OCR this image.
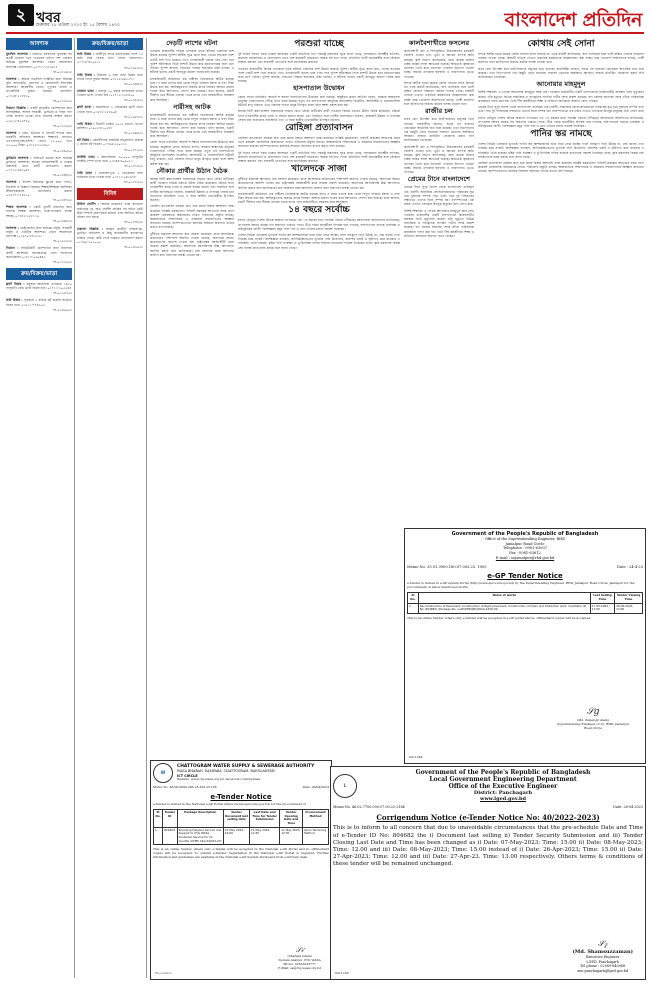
২ খবর
শুক্রবার ২৮ এপ্রিল ২০২৩ ইং ১৫ বৈশাখ ১৪৩০	বাংলাদেশ প্রতিদিন
আবশ্যক
মুহাম্মিন আবশ্যক : ঢাকাতে বসবাসের সুব্যবস্থা সহ কওমী মাদ্রাসা হতে দাওরায়ে হাদিস পাশ একজন অভিজ্ঞ মুহাম্মিন আবশ্যক। বেতন আলোচনা সাপেক্ষে। যোগাযোগ: ০১৭১১-৩৩৩৬২৭
ফা-০১৩১৬/২৩
আবশ্যক : আমার গার্মেন্টস ফ্যাক্টরির জন্য অভিজ্ঞ সুইং অপারেটর, হেলপার ও কোয়ালিটি ইন্সপেক্টর আবশ্যক। আকর্ষণীয় বেতন, দুপুরের খাবার ও ওভারটাইম সুবিধা রয়েছে। মোবাইল: ০১৭৩৪-৫১৮৮২০
ফা-০১৩২৫/২৩
নিয়োগ বিজ্ঞপ্তি : একটি প্রতিষ্ঠিত কোম্পানির জন্য হিসাবরক্ষক, অফিস সহকারী, ড্রাইভার ও পিয়ন পদে লোক নিয়োগ দেওয়া হবে। সরাসরি সাক্ষাৎ করুন। ০১৯১২-৪৫৬৭৮০
ফা-০১৩৩৫/২৩
আবশ্যক : ঢাকা, চট্টগ্রাম ও সিলেট শাখার জন্য মার্কেটিং অফিসার আবশ্যক। শিক্ষাগত যোগ্যতা এসএসসি/এইচএসসি। বেতন ১৫,০০০ হতে ২৫,০০০ টাকা। ০১৮১৯-২২২৪০১
ফা-০১৩৪০/২৩
ড্রাইভার আবশ্যক : প্রাইভেট কারের জন্য অভিজ্ঞ ড্রাইভার আবশ্যক। হালকা লাইসেন্সধারী ও ঢাকার রাস্তাঘাট চেনা প্রার্থী যোগাযোগ করুন। ০১৭১৫-৬৬৩০৮৮
ফা-০১৩৪৪/২৩
আবশ্যক : ইংলিশ মিডিয়াম স্কুলের জন্য গণিত, ইংরেজি ও বিজ্ঞান বিষয়ের শিক্ষক/শিক্ষিকা আবশ্যক। জীবনবৃত্তান্তসহ যোগাযোগ করুন। ০১৬৭৭-৩১৪২৫০
ফা-০১৩৪৭/২৩
শিক্ষক আবশ্যক : একটি নূরানী মাদ্রাসার জন্য হাফেজ শিক্ষক আবশ্যক। থাকা-খাওয়ার ব্যবস্থা আছে। ০১৭৪২-৫৫৮১১৯
ফা-০১৩৪৯/২৩
আবশ্যক : রেস্টুরেন্টের জন্য অভিজ্ঞ বাবুর্চি, সহকারী বাবুর্চি ও ওয়েটার আবশ্যক। বেতন আলোচনা সাপেক্ষে। ০১৯৭০-৮৮৩৩২১
ফা-০১৩৫২/২৩
নিয়োগ : সিকিউরিটি কোম্পানির জন্য নিরাপত্তা প্রহরী আবশ্যক। অবসরপ্রাপ্ত সেনা সদস্যদের অগ্রাধিকার। ০১৮১৭-০৯৯৪৪২
ফা-০১৩৫৫/২৩
ক্রয়/বিক্রয়/ভাড়া
ফ্ল্যাট বিক্রয় : বসুন্ধরা আবাসিক এলাকায় ১৪৫০ বর্গফুটের রেডি ফ্ল্যাট বিক্রয় হবে। ০১৭১১-২০৫৫৪৪
ফা-০১৩৫৮/২৩
জমি বিক্রয় : পূর্বাচলে ৫ কাঠার প্লট জরুরি ভিত্তিতে বিক্রয় হবে। ০১৯১১-৭৭৪২০৩
ফা-০১৩৬০/২৩
ক্রয়/বিক্রয়/ভাড়া
জমি বিক্রয় : গাজীপুর সদরে মহাসড়কের পাশে ১২ কাঠা জমি বিক্রয় হবে। দলিল হালনাগাদ। ০১৭১৮-৪৩০২১৫
ফা-০১৩৬২/২৩
বাড়ি বিক্রয় : উত্তরায় ৬ তলা বাড়ি বিক্রয় হবে। ব্যাংক লোন সুবিধা আছে। ০১৮১৯-৬৬৫৫৭১
ফা-০১৩৬৪/২৩
দোকান ভাড়া : মিরপুর ১০ নম্বরে বাণিজ্যিক ভবনে দোকান ভাড়া দেওয়া হবে। ০১৭১২-৩৩৮৪৫০
ফা-০১৩৬৫/২৩
ফ্ল্যাট ভাড়া : ধানমন্ডিতে ৩ বেডরুমের ফ্ল্যাট ভাড়া দেওয়া হবে। ০১৬৭৩-২২৮৯০৪
ফা-০১৩৬৭/২৩
গাড়ি বিক্রয় : টয়োটা এক্সিও ২০১৬ মডেল, ভালো কন্ডিশন। ০১৯৫৫-৪১০২৮৮
ফা-০১৩৬৯/২৩
প্লট বিক্রয় : কেরানীগঞ্জে রাজউক অনুমোদিত প্রকল্পে ৩ কাঠার প্লট বিক্রয়। ০১৭৬৬-৫৫০৩১২
ফা-০১৩৭১/২৩
ফ্যাক্টরি ভাড়া : আশুলিয়ায় ২০,০০০ বর্গফুটের ফ্যাক্টরি স্পেস ভাড়া হবে। ০১৮৪৪-৯০৯০১১
ফা-০১৩৭৩/২৩
বাড়ি ভাড়া : মোহাম্মদপুরে ২ বেডরুমের বাসা ব্যাচেলর ভাড়া দেওয়া হবে। ০১৭১৩-০৪৫৬৭৮
ফা-০১৩৭৫/২৩
বিবিধ
উকিল নোটিশ : আমার মক্কেলের পক্ষে জানানো যাইতেছে যে, অত্র নোটিশ প্রাপ্তির পর হইতে কেউ উক্ত সম্পত্তি ক্রয়-বিক্রয় করিলে তাহা আইনত অবৈধ বলিয়া গণ্য হইবে।
ফা-০১৩৭৮/২৩
হারানো বিজ্ঞপ্তি : আমার জাতীয় পরিচয়পত্র, ড্রাইভিং লাইসেন্স ও কিছু প্রয়োজনীয় কাগজপত্র হারিয়ে গেছে। কেউ পেয়ে থাকলে যোগাযোগ করুন। ০১৭৯৯-১০১০২০
ফা-০১৩৮০/২৩
দেড়টি লাশের ঘটনা

গতকাল রাজধানীর বিভিন্ন এলাকায় পৃথক ঘটনায় একাধিক লাশ উদ্ধার করেছে পুলিশ। স্থানীয় সূত্রে জানা যায়, ভোরে সড়কের পাশে একটি লাশ পড়ে থাকতে দেখে এলাকাবাসী থানায় খবর দেয়। পরে পুলিশ ঘটনাস্থলে গিয়ে লাশটি উদ্ধার করে ময়নাতদন্তের জন্য মর্গে পাঠায়। পুলিশ জানায়, নিহতের পরিচয় শনাক্তের চেষ্টা চলছে। এ ঘটনায় থানায় একটি অপমৃত্যু মামলা দায়ের করা হয়েছে।

মাদকবিরোধী অভিযানে এক নারীসহ তিনজনকে আটক করেছে র‍্যাব। এ সময় তাদের কাছ থেকে বিপুল পরিমাণ ইয়াবা ও নগদ টাকা উদ্ধার করা হয়। আটককৃতদের বিরুদ্ধে মাদক নিয়ন্ত্রণ আইনে মামলা দায়ের করে আদালতে সোপর্দ করা হয়েছে। র‍্যাব জানায়, চক্রটি দীর্ঘদিন ধরে সীমান্ত এলাকা থেকে মাদক এনে রাজধানীতে সরবরাহ করে আসছিল।

নারীসহ আটক

মাদকবিরোধী অভিযানে এক নারীসহ তিনজনকে আটক করেছে র‍্যাব। এ সময় তাদের কাছ থেকে বিপুল পরিমাণ ইয়াবা ও নগদ টাকা উদ্ধার করা হয়। আটককৃতদের বিরুদ্ধে মাদক নিয়ন্ত্রণ আইনে মামলা দায়ের করে আদালতে সোপর্দ করা হয়েছে। র‍্যাব জানায়, চক্রটি দীর্ঘদিন ধরে সীমান্ত এলাকা থেকে মাদক এনে রাজধানীতে সরবরাহ করে আসছিল।

জেলা সদরে নবনির্মিত আড়াই শ শয্যার হাসপাতালের উদ্বোধন করা হয়েছে। অনুষ্ঠানে প্রধান অতিথি বলেন, সরকার স্বাস্থ্যসেবা মানুষের দোরগোড়ায় পৌঁছে দিতে কাজ করছে। নতুন এই হাসপাতালে আধুনিক অপারেশন থিয়েটার, আইসিইউ ও ডায়ালাইসিস ইউনিট চালু থাকবে। এতে জেলার লাখো মানুষ উপকৃত হবেন বলে আশা প্রকাশ করা হয়।

নৌকার প্রার্থীর উঠান বৈঠক

আসন্ন সিটি করপোরেশন নির্বাচনকে সামনে রেখে নৌকা প্রতীকের প্রার্থী গতকাল বিভিন্ন ওয়ার্ডে উঠান বৈঠক করেছেন। বৈঠকে তিনি নগরবাসীর কাছে দোয়া ও সমর্থন কামনা করেন এবং নির্বাচিত হলে নগরীর জলাবদ্ধতা নিরসন, রাস্তাঘাট উন্নয়ন ও নাগরিক সেবার মান বাড়ানোর প্রতিশ্রুতি দেন। এ সময় স্থানীয় নেতাকর্মীরা উপস্থিত ছিলেন।

রোহিঙ্গা প্রত্যাবাসন প্রক্রিয়া দ্রুত শুরু করার বিষয়ে আশাবাদ ব্যক্ত করেছেন সংশ্লিষ্ট কর্মকর্তারা। পাইলট প্রকল্পের আওতায় প্রথম ধাপে কয়েকশ রোহিঙ্গাকে মিয়ানমারে ফেরত পাঠানোর প্রস্তুতি চলছে। আন্তর্জাতিক সম্প্রদায়কে এ প্রক্রিয়ায় সহযোগিতার আহ্বান জানানো হয়েছে। ক্যাম্পগুলোতে মানবিক সহায়তা অব্যাহত রাখার কথাও বলা হয়েছে।

দুর্নীতির মামলায় আদালত রায় ঘোষণা করেছেন। রায়ে আসামিকে কারাদণ্ডের পাশাপাশি অর্থদণ্ড দেওয়া হয়েছে, অনাদায়ে আরও কারাভোগের আদেশ দেওয়া হয়। রাষ্ট্রপক্ষের আইনজীবী রায়ে সন্তোষ প্রকাশ করেছেন, অন্যদিকে আসামিপক্ষ উচ্চ আদালতে আপিল করবে বলে জানিয়েছে। রায় ঘোষণার সময় আদালত প্রাঙ্গণে কড়া নিরাপত্তা ব্যবস্থা নেওয়া হয়।

পরশুরা যাচ্ছে

দুই দিনের সফরে পরশু ঢাকায় আসছেন একটি প্রতিনিধি দল। পররাষ্ট্র মন্ত্রণালয় সূত্রে জানা গেছে, সফরকালে দ্বিপক্ষীয় বাণিজ্য, জ্বালানি সহযোগিতা ও যোগাযোগ খাতে বেশ কয়েকটি সমঝোতা স্মারক সই হতে পারে। প্রতিনিধি দলটি প্রধানমন্ত্রীর সঙ্গে সৌজন্য সাক্ষাৎ করবেন এবং ব্যবসায়ী নেতাদের সঙ্গে মতবিনিময় করবেন।

গতকাল রাজধানীর বিভিন্ন এলাকায় পৃথক ঘটনায় একাধিক লাশ উদ্ধার করেছে পুলিশ। স্থানীয় সূত্রে জানা যায়, ভোরে সড়কের পাশে একটি লাশ পড়ে থাকতে দেখে এলাকাবাসী থানায় খবর দেয়। পরে পুলিশ ঘটনাস্থলে গিয়ে লাশটি উদ্ধার করে ময়নাতদন্তের জন্য মর্গে পাঠায়। পুলিশ জানায়, নিহতের পরিচয় শনাক্তের চেষ্টা চলছে। এ ঘটনায় থানায় একটি অপমৃত্যু মামলা দায়ের করা হয়েছে।

হাসপাতাল উদ্বোধন

জেলা সদরে নবনির্মিত আড়াই শ শয্যার হাসপাতালের উদ্বোধন করা হয়েছে। অনুষ্ঠানে প্রধান অতিথি বলেন, সরকার স্বাস্থ্যসেবা মানুষের দোরগোড়ায় পৌঁছে দিতে কাজ করছে। নতুন এই হাসপাতালে আধুনিক অপারেশন থিয়েটার, আইসিইউ ও ডায়ালাইসিস ইউনিট চালু থাকবে। এতে জেলার লাখো মানুষ উপকৃত হবেন বলে আশা প্রকাশ করা হয়।

আসন্ন সিটি করপোরেশন নির্বাচনকে সামনে রেখে নৌকা প্রতীকের প্রার্থী গতকাল বিভিন্ন ওয়ার্ডে উঠান বৈঠক করেছেন। বৈঠকে তিনি নগরবাসীর কাছে দোয়া ও সমর্থন কামনা করেন এবং নির্বাচিত হলে নগরীর জলাবদ্ধতা নিরসন, রাস্তাঘাট উন্নয়ন ও নাগরিক সেবার মান বাড়ানোর প্রতিশ্রুতি দেন। এ সময় স্থানীয় নেতাকর্মীরা উপস্থিত ছিলেন।

রোহিঙ্গা প্রত্যাবাসন

রোহিঙ্গা প্রত্যাবাসন প্রক্রিয়া দ্রুত শুরু করার বিষয়ে আশাবাদ ব্যক্ত করেছেন সংশ্লিষ্ট কর্মকর্তারা। পাইলট প্রকল্পের আওতায় প্রথম ধাপে কয়েকশ রোহিঙ্গাকে মিয়ানমারে ফেরত পাঠানোর প্রস্তুতি চলছে। আন্তর্জাতিক সম্প্রদায়কে এ প্রক্রিয়ায় সহযোগিতার আহ্বান জানানো হয়েছে। ক্যাম্পগুলোতে মানবিক সহায়তা অব্যাহত রাখার কথাও বলা হয়েছে।

দুই দিনের সফরে পরশু ঢাকায় আসছেন একটি প্রতিনিধি দল। পররাষ্ট্র মন্ত্রণালয় সূত্রে জানা গেছে, সফরকালে দ্বিপক্ষীয় বাণিজ্য, জ্বালানি সহযোগিতা ও যোগাযোগ খাতে বেশ কয়েকটি সমঝোতা স্মারক সই হতে পারে। প্রতিনিধি দলটি প্রধানমন্ত্রীর সঙ্গে সৌজন্য সাক্ষাৎ করবেন এবং ব্যবসায়ী নেতাদের সঙ্গে মতবিনিময় করবেন।

খালেদকে সাজা

দুর্নীতির মামলায় আদালত রায় ঘোষণা করেছেন। রায়ে আসামিকে কারাদণ্ডের পাশাপাশি অর্থদণ্ড দেওয়া হয়েছে, অনাদায়ে আরও কারাভোগের আদেশ দেওয়া হয়। রাষ্ট্রপক্ষের আইনজীবী রায়ে সন্তোষ প্রকাশ করেছেন, অন্যদিকে আসামিপক্ষ উচ্চ আদালতে আপিল করবে বলে জানিয়েছে। রায় ঘোষণার সময় আদালত প্রাঙ্গণে কড়া নিরাপত্তা ব্যবস্থা নেওয়া হয়।

মাদকবিরোধী অভিযানে এক নারীসহ তিনজনকে আটক করেছে র‍্যাব। এ সময় তাদের কাছ থেকে বিপুল পরিমাণ ইয়াবা ও নগদ টাকা উদ্ধার করা হয়। আটককৃতদের বিরুদ্ধে মাদক নিয়ন্ত্রণ আইনে মামলা দায়ের করে আদালতে সোপর্দ করা হয়েছে। র‍্যাব জানায়, চক্রটি দীর্ঘদিন ধরে সীমান্ত এলাকা থেকে মাদক এনে রাজধানীতে সরবরাহ করে আসছিল।

১৪ বছরে সর্বোচ্চ

চলতি মৌসুমে দেশের বিভিন্ন অঞ্চলে তাপমাত্রা গত ১৪ বছরের মধ্যে সর্বোচ্চ পর্যায়ে পৌঁছেছে। আবহাওয়া অধিদফতর জানিয়েছে, তাপপ্রবাহ আরও কয়েক দিন অব্যাহত থাকতে পারে। তীব্র গরমে জনজীবন বিপর্যস্ত হয়ে পড়েছে, হাসপাতালে বাড়ছে ডায়রিয়া ও হিটস্ট্রোকের রোগী। বিশেষজ্ঞরা প্রচুর পানি পান ও রোদ এড়িয়ে চলার পরামর্শ দিয়েছেন।

দেশের বিভিন্ন এলাকায় ভূগর্ভস্থ পানির স্তর আশঙ্কাজনক হারে নিচে নেমে যাচ্ছে। ফলে নলকূপে পানি উঠছে না, সেচ কাজে দেখা দিয়েছে চরম সংকট। বিশেষজ্ঞরা বলছেন, অপরিকল্পিতভাবে ভূগর্ভস্থ পানি উত্তোলন, জলাশয় ভরাট ও বৃষ্টিপাত কমে যাওয়ায় এ পরিস্থিতি তৈরি হয়েছে। বৃষ্টির পানি সংরক্ষণ ও ভূ-উপরিস্থ পানির ব্যবহার বাড়ানোর পরামর্শ দিয়েছেন তারা। কৃষি মন্ত্রণালয় বিকল্প সেচ ব্যবস্থা নিয়ে কাজ করছে বলে জানা গেছে।

কালবৈশাখীতে ফসলের

কালবৈশাখী ঝড় ও শিলাবৃষ্টিতে উত্তরাঞ্চলের কয়েকটি জেলায় বোরো ধান, ভুট্টা ও আমের ব্যাপক ক্ষতি হয়েছে। কৃষি বিভাগ জানিয়েছে, ঝড়ে কয়েক হাজার হেক্টর জমির ফসল ক্ষতিগ্রস্ত হয়েছে। ক্ষতিগ্রস্ত কৃষকদের তালিকা তৈরি করে প্রণোদনা দেওয়ার উদ্যোগ নেওয়া হচ্ছে। অনেক এলাকায় ঘরবাড়ি ও গাছপালাও ভেঙে পড়েছে।

বন্দরে আটক হওয়া কয়েক কেজি সোনার হদিস মিলছে না। তদন্ত কমিটি জানিয়েছে, জব্দ তালিকার সঙ্গে ভল্টে রক্ষিত সোনার পরিমাণে গরমিল পাওয়া গেছে। বিষয়টি খতিয়ে দেখতে একাধিক কর্মকর্তাকে জিজ্ঞাসাবাদ করা হচ্ছে। শুল্ক গোয়েন্দা অধিদফতর বলছে, দোষী প্রমাণিত হলে জড়িতদের বিরুদ্ধে কঠোর ব্যবস্থা নেওয়া হবে।

রাজীর চল

প্রখর রোদ উপেক্ষা করে হাটে-বাজারে মানুষের ভিড় বাড়ছে। ব্যবসায়ীরা জানান, ঈদের পর বাজারে বেচাকেনা স্বাভাবিক হতে শুরু করেছে। তবে নিত্যপণ্যের দাম কিছুটা বেড়ে যাওয়ায় সাধারণ ক্রেতারা অস্বস্তিতে আছেন। বাজার মনিটরিং জোরদার করার দাবি জানিয়েছেন ভোক্তারা।

কালবৈশাখী ঝড় ও শিলাবৃষ্টিতে উত্তরাঞ্চলের কয়েকটি জেলায় বোরো ধান, ভুট্টা ও আমের ব্যাপক ক্ষতি হয়েছে। কৃষি বিভাগ জানিয়েছে, ঝড়ে কয়েক হাজার হেক্টর জমির ফসল ক্ষতিগ্রস্ত হয়েছে। ক্ষতিগ্রস্ত কৃষকদের তালিকা তৈরি করে প্রণোদনা দেওয়ার উদ্যোগ নেওয়া হচ্ছে। অনেক এলাকায় ঘরবাড়ি ও গাছপালাও ভেঙে পড়েছে।

প্রেমের টানে বাংলাদেশে

প্রেমের টানে সুদূর বিদেশ থেকে বাংলাদেশে এসেছেন এক তরুণী। সামাজিক যোগাযোগমাধ্যমে পরিচয়ের সূত্র ধরে দুজনের সম্পর্ক গড়ে ওঠে। পরে দুই পরিবারের সম্মতিতে তাদের বিয়ে সম্পন্ন হয়। নবদম্পতিকে এক নজর দেখতে এলাকায় উৎসুক মানুষের ভিড় লেগে যায়।

বিশিষ্ট শিক্ষাবিদ ও লেখক আনোয়ার মাহমুদুল আর নেই। গতকাল রাজধানীর একটি হাসপাতালে চিকিৎসাধীন অবস্থায় তিনি মৃত্যুবরণ করেন। তাঁর মৃত্যুতে বিভিন্ন সামাজিক ও সাংস্কৃতিক সংগঠন গভীর শোক প্রকাশ করেছে। বাদ জোহর জানাজা শেষে তাঁকে পারিবারিক কবরস্থানে দাফন করা হয়। তিনি দীর্ঘ কর্মজীবনে শিক্ষা ও সাহিত্যে অসামান্য অবদান রেখে গেছেন।

কোথায় সেই সোনা

বন্দরে আটক হওয়া কয়েক কেজি সোনার হদিস মিলছে না। তদন্ত কমিটি জানিয়েছে, জব্দ তালিকার সঙ্গে ভল্টে রক্ষিত সোনার পরিমাণে গরমিল পাওয়া গেছে। বিষয়টি খতিয়ে দেখতে একাধিক কর্মকর্তাকে জিজ্ঞাসাবাদ করা হচ্ছে। শুল্ক গোয়েন্দা অধিদফতর বলছে, দোষী প্রমাণিত হলে জড়িতদের বিরুদ্ধে কঠোর ব্যবস্থা নেওয়া হবে।

প্রখর রোদ উপেক্ষা করে হাটে-বাজারে মানুষের ভিড় বাড়ছে। ব্যবসায়ীরা জানান, ঈদের পর বাজারে বেচাকেনা স্বাভাবিক হতে শুরু করেছে। তবে নিত্যপণ্যের দাম কিছুটা বেড়ে যাওয়ায় সাধারণ ক্রেতারা অস্বস্তিতে আছেন। বাজার মনিটরিং জোরদার করার দাবি জানিয়েছেন ভোক্তারা।

আনোয়ার মাহমুদুল

বিশিষ্ট শিক্ষাবিদ ও লেখক আনোয়ার মাহমুদুল আর নেই। গতকাল রাজধানীর একটি হাসপাতালে চিকিৎসাধীন অবস্থায় তিনি মৃত্যুবরণ করেন। তাঁর মৃত্যুতে বিভিন্ন সামাজিক ও সাংস্কৃতিক সংগঠন গভীর শোক প্রকাশ করেছে। বাদ জোহর জানাজা শেষে তাঁকে পারিবারিক কবরস্থানে দাফন করা হয়। তিনি দীর্ঘ কর্মজীবনে শিক্ষা ও সাহিত্যে অসামান্য অবদান রেখে গেছেন।

প্রেমের টানে সুদূর বিদেশ থেকে বাংলাদেশে এসেছেন এক তরুণী। সামাজিক যোগাযোগমাধ্যমে পরিচয়ের সূত্র ধরে দুজনের সম্পর্ক গড়ে ওঠে। পরে দুই পরিবারের সম্মতিতে তাদের বিয়ে সম্পন্ন হয়। নবদম্পতিকে এক নজর দেখতে এলাকায় উৎসুক মানুষের ভিড় লেগে যায়।

চলতি মৌসুমে দেশের বিভিন্ন অঞ্চলে তাপমাত্রা গত ১৪ বছরের মধ্যে সর্বোচ্চ পর্যায়ে পৌঁছেছে। আবহাওয়া অধিদফতর জানিয়েছে, তাপপ্রবাহ আরও কয়েক দিন অব্যাহত থাকতে পারে। তীব্র গরমে জনজীবন বিপর্যস্ত হয়ে পড়েছে, হাসপাতালে বাড়ছে ডায়রিয়া ও হিটস্ট্রোকের রোগী। বিশেষজ্ঞরা প্রচুর পানি পান ও রোদ এড়িয়ে চলার পরামর্শ দিয়েছেন।

পানির স্তর নামছে

দেশের বিভিন্ন এলাকায় ভূগর্ভস্থ পানির স্তর আশঙ্কাজনক হারে নিচে নেমে যাচ্ছে। ফলে নলকূপে পানি উঠছে না, সেচ কাজে দেখা দিয়েছে চরম সংকট। বিশেষজ্ঞরা বলছেন, অপরিকল্পিতভাবে ভূগর্ভস্থ পানি উত্তোলন, জলাশয় ভরাট ও বৃষ্টিপাত কমে যাওয়ায় এ পরিস্থিতি তৈরি হয়েছে। বৃষ্টির পানি সংরক্ষণ ও ভূ-উপরিস্থ পানির ব্যবহার বাড়ানোর পরামর্শ দিয়েছেন তারা। কৃষি মন্ত্রণালয় বিকল্প সেচ ব্যবস্থা নিয়ে কাজ করছে বলে জানা গেছে।

রোহিঙ্গা প্রত্যাবাসন প্রক্রিয়া দ্রুত শুরু করার বিষয়ে আশাবাদ ব্যক্ত করেছেন সংশ্লিষ্ট কর্মকর্তারা। পাইলট প্রকল্পের আওতায় প্রথম ধাপে কয়েকশ রোহিঙ্গাকে মিয়ানমারে ফেরত পাঠানোর প্রস্তুতি চলছে। আন্তর্জাতিক সম্প্রদায়কে এ প্রক্রিয়ায় সহযোগিতার আহ্বান জানানো হয়েছে। ক্যাম্পগুলোতে মানবিক সহায়তা অব্যাহত রাখার কথাও বলা হয়েছে।

Government of the People's Republic of Bangladesh
Office of the Superintending Engineer, RHD
Jamalpur Road Circle
Telephone : 0981-63007
Fax : 0981-63612
E-mail : sejamalpur@rhd.gov.bd
Memo No. 35.01.3900.180.07.003.23. 1905	Date : 24-4-23
e-GP Tender Notice
e-Tender is invited in e-GP system Portal (http://www.eprocure.gov.bd) by the Superintending Engineer, RHD, Jamalpur Road Circle, Jamalpur for the procurement of below mentioned works.
Sl No.	Name of works	Last Selling Time	Tender Closing Time
1.	Re-construction of Pavement, Construction of Rigid pavement, Construction of Drain and Protection work (Invitation ID No. 804682) (Package No. e-GP/RHD/JRC/2022-23/W-01)	17-05-2023, 17:00	18-05-2023, 12:00
This is an online Tender, where only e-Tender will be accepted in e-GP portal and no offline/hard copies will be accepted.
𝒮𝑔
(Md. Zahangir Alam)
Superintending Engineer (C.C), RHD, Jamalpur Road Circle
GD-1244
W
CHATTOGRAM WATER SUPPLY & SEWERAGE AUTHORITY
WASA BHABAN, DAMPARA, CHATTOGRAM, BANGLADESH.
ICT CIRCLE
Website: www.ctg-wasa.org.bd, facebook.com/ctgwasa
Memo No. 46.06.0000.286.18.359.23.108	Date: 26/04/2023
e-Tender Notice
e-Tender is invited in the National e-GP Portal (https://www.eprocure.gov.bd) for the procurement of
Sl No.	Tender ID	Package Description	Tender Document last selling date	Last Date and Time for Tender Submission	Tender Opening Date and Time	Procurement Method
1.	821809	Providing Helpline Service and Support to CTG WASA Customer Service for 12 months (CTMS Client/2022-23)	10 May 2023, 16:00	11 May 2023, 12:30	11 May 2023, 12:30	Open Tendering Method
This is an online Tender, where only e-Tender will be accepted in the National e-GP Portal and no offline/hard copies will be accepted. To submit e-Tender, registration in the National e-GP Portal is required. Further information and guidelines are available in the National e-GP System Portal and from e-GP help desk.
𝒮𝒾
(Shafiqul Islam)
System Analyst, CTG WASA
Phone: 02333333777
E-Mail: sa@ctg-wasa.org.bd
ফা-০২২৬/২৩
L
Government of the People's Republic of Bangladesh
Local Government Engineering Department
Office of the Executive Engineer
District: Panchagarh
www.lged.gov.bd
Memo No. 46.02.7700.000.07.00.22-2184	Date: 26-04-2023
Corrigendum Notice (e-Tender Notice No: 40/2022-2023)
This is to inform to all concern that due to unavoidable circumstances that the pre-schedule Date and Time of e-Tender ID No: 804682 the i) Document last selling ii) Tender Security Submission and iii) Tender Closing Last Date and Time has been changed as i) Date: 07-May-2023; Time: 15.00 ii) Date: 08-May-2023; Time: 12.00 and iii) Date: 08-May-2023; Time: 15.00 instead of i) Date: 26-Apr-2023; Time: 15.00 ii) Date: 27-Apr-2023; Time: 12.00 and iii) Date: 27-Apr-23. Time: 13.00 respectively. Others terms & conditions of these tender will be remained unchanged.
𝒮𝓏
(Md. Shamsuzzaman)
Executive Engineer
LGED, Panchagarh
Tel phone : 02589-840088
xen.panchagarh@lged.gov.bd
GD-1228
